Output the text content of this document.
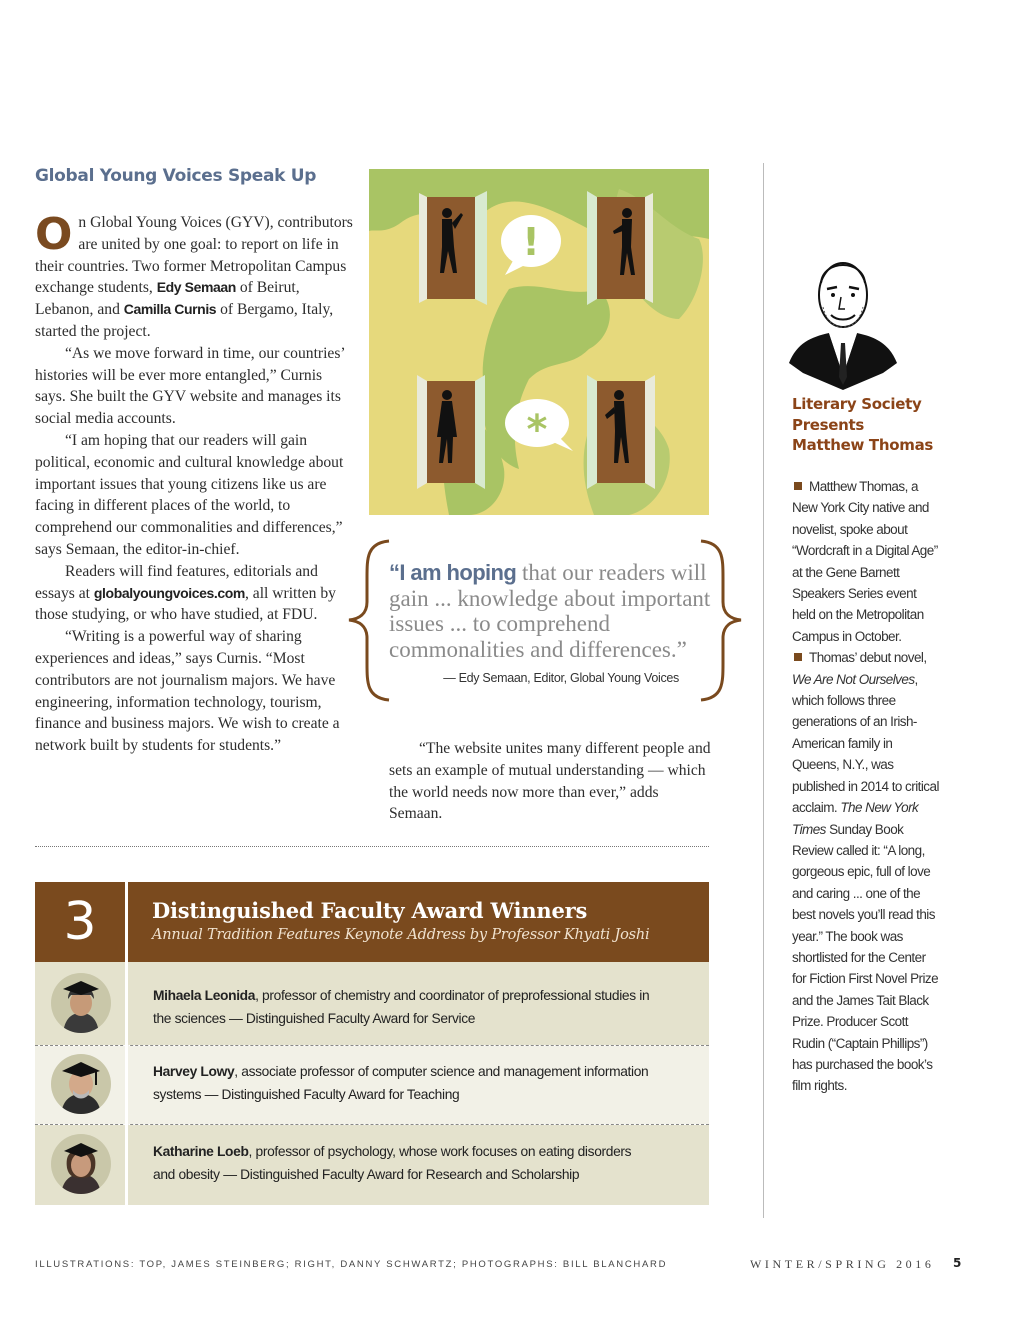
Global Young Voices Speak Up
O n Global Young Voices (GYV), contributors are united by one goal: to report on life in their countries. Two former Metropolitan Campus exchange students, Edy Semaan of Beirut, Lebanon, and Camilla Curnis of Bergamo, Italy, started the project.

“As we move forward in time, our countries’ histories will be ever more entangled,” Curnis says. She built the GYV website and manages its social media accounts.

“I am hoping that our readers will gain political, economic and cultural knowledge about important issues that young citizens like us are facing in different places of the world, to comprehend our commonalities and differences,” says Semaan, the editor-in-chief.

Readers will find features, editorials and essays at globalyoungvoices.com, all written by those studying, or who have studied, at FDU.

“Writing is a powerful way of sharing experiences and ideas,” says Curnis. “Most contributors are not journalism majors. We have engineering, information technology, tourism, finance and business majors. We wish to create a network built by students for students.”

!
*
“I am hoping that our readers will gain ... knowledge about important issues ... to comprehend commonalities and differences.”
— Edy Semaan, Editor, Global Young Voices

“The website unites many different people and sets an example of mutual understanding — which the world needs now more than ever,” adds Semaan.

3	Distinguished Faculty Award Winners
Annual Tradition Features Keynote Address by Professor Khyati Joshi
Mihaela Leonida, professor of chemistry and coordinator of preprofessional studies in the sciences — Distinguished Faculty Award for Service
Harvey Lowy, associate professor of computer science and management information systems — Distinguished Faculty Award for Teaching
Katharine Loeb, professor of psychology, whose work focuses on eating disorders and obesity — Distinguished Faculty Award for Research and Scholarship
Literary Society
Presents
Matthew Thomas

Matthew Thomas, a New York City native and novelist, spoke about “Wordcraft in a Digital Age” at the Gene Barnett Speakers Series event held on the Metropolitan Campus in October.

Thomas’ debut novel, We Are Not Ourselves, which follows three generations of an Irish-American family in Queens, N.Y., was published in 2014 to critical acclaim. The New York Times Sunday Book Review called it: “A long, gorgeous epic, full of love and caring ... one of the best novels you’ll read this year.” The book was shortlisted for the Center for Fiction First Novel Prize and the James Tait Black Prize. Producer Scott Rudin (“Captain Phillips”) has purchased the book’s film rights.

ILLUSTRATIONS: TOP, JAMES STEINBERG; RIGHT, DANNY SCHWARTZ; PHOTOGRAPHS: BILL BLANCHARD	WINTER/SPRING 2016 5
